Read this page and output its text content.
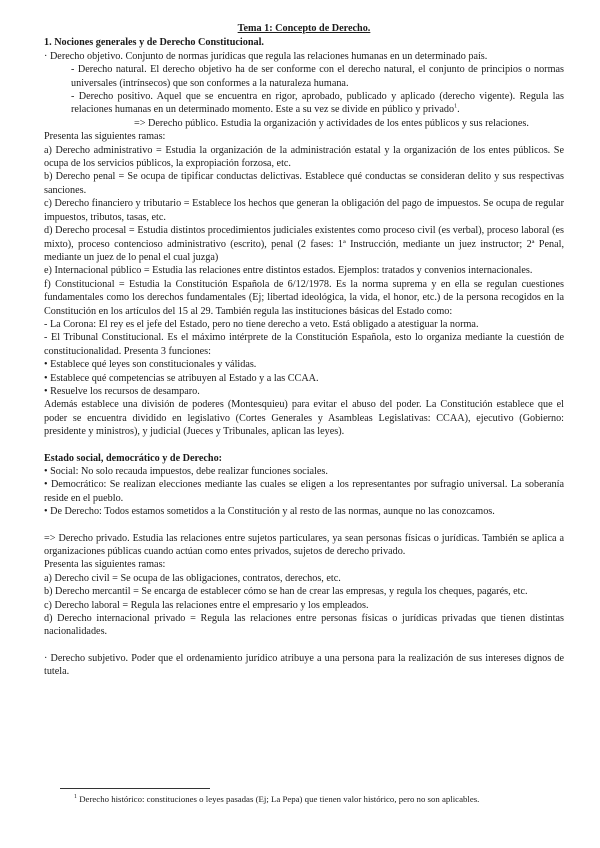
Tema 1: Concepto de Derecho.

1. Nociones generales y de Derecho Constitucional.

· Derecho objetivo. Conjunto de normas jurídicas que regula las relaciones humanas en un determinado país.

- Derecho natural. El derecho objetivo ha de ser conforme con el derecho natural, el conjunto de principios o normas universales (intrínsecos) que son conformes a la naturaleza humana.

- Derecho positivo. Aquel que se encuentra en rigor, aprobado, publicado y aplicado (derecho vigente). Regula las relaciones humanas en un determinado momento. Este a su vez se divide en público y privado$^1$.

=> Derecho público. Estudia la organización y actividades de los entes públicos y sus relaciones.

Presenta las siguientes ramas:

a) Derecho administrativo = Estudia la organización de la administración estatal y la organización de los entes públicos. Se ocupa de los servicios públicos, la expropiación forzosa, etc.

b) Derecho penal = Se ocupa de tipificar conductas delictivas. Establece qué conductas se consideran delito y sus respectivas sanciones.

c) Derecho financiero y tributario = Establece los hechos que generan la obligación del pago de impuestos. Se ocupa de regular impuestos, tributos, tasas, etc.

d) Derecho procesal = Estudia distintos procedimientos judiciales existentes como proceso civil (es verbal), proceso laboral (es mixto), proceso contencioso administrativo (escrito), penal (2 fases: 1ª Instrucción, mediante un juez instructor; 2ª Penal, mediante un juez de lo penal el cual juzga)

e) Internacional público = Estudia las relaciones entre distintos estados. Ejemplos: tratados y convenios internacionales.

f) Constitucional = Estudia la Constitución Española de 6/12/1978. Es la norma suprema y en ella se regulan cuestiones fundamentales como los derechos fundamentales (Ej; libertad ideológica, la vida, el honor, etc.) de la persona recogidos en la Constitución en los artículos del 15 al 29. También regula las instituciones básicas del Estado como:

- La Corona: El rey es el jefe del Estado, pero no tiene derecho a veto. Está obligado a atestiguar la norma.

- El Tribunal Constitucional. Es el máximo intérprete de la Constitución Española, esto lo organiza mediante la cuestión de constitucionalidad. Presenta 3 funciones:

• Establece qué leyes son constitucionales y válidas.

• Establece qué competencias se atribuyen al Estado y a las CCAA.

• Resuelve los recursos de desamparo.

Además establece una división de poderes (Montesquieu) para evitar el abuso del poder. La Constitución establece que el poder se encuentra dividido en legislativo (Cortes Generales y Asambleas Legislativas: CCAA), ejecutivo (Gobierno: presidente y ministros), y judicial (Jueces y Tribunales, aplican las leyes).

Estado social, democrático y de Derecho:

• Social: No solo recauda impuestos, debe realizar funciones sociales.

• Democrático: Se realizan elecciones mediante las cuales se eligen a los representantes por sufragio universal. La soberanía reside en el pueblo.

• De Derecho: Todos estamos sometidos a la Constitución y al resto de las normas, aunque no las conozcamos.

=> Derecho privado. Estudia las relaciones entre sujetos particulares, ya sean personas físicas o jurídicas. También se aplica a organizaciones públicas cuando actúan como entes privados, sujetos de derecho privado.

Presenta las siguientes ramas:

a) Derecho civil = Se ocupa de las obligaciones, contratos, derechos, etc.

b) Derecho mercantil = Se encarga de establecer cómo se han de crear las empresas, y regula los cheques, pagarés, etc.

c) Derecho laboral = Regula las relaciones entre el empresario y los empleados.

d) Derecho internacional privado = Regula las relaciones entre personas físicas o jurídicas privadas que tienen distintas nacionalidades.

· Derecho subjetivo. Poder que el ordenamiento jurídico atribuye a una persona para la realización de sus intereses dignos de tutela.

$^1$ Derecho histórico: constituciones o leyes pasadas (Ej; La Pepa) que tienen valor histórico, pero no son aplicables.
